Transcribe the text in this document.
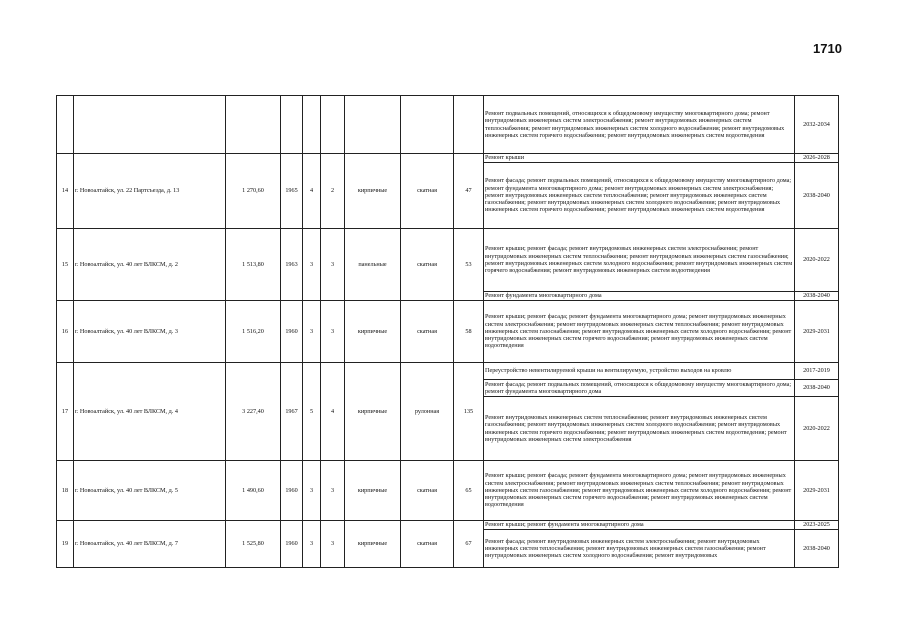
1710
									Ремонт подвальных помещений, относящихся к общедомовому имуществу многоквартирного дома; ремонт внутридомовых инженерных систем электроснабжения; ремонт внутридомовых инженерных систем теплоснабжения; ремонт внутридомовых инженерных систем холодного водоснабжения; ремонт внутридомовых инженерных систем горячего водоснабжения; ремонт внутридомовых инженерных систем водоотведения	2032-2034
14	г. Новоалтайск, ул. 22 Партсъезда, д. 13	1 270,60	1965	4	2	кирпичные	скатная	47	Ремонт крыши	2026-2028
									Ремонт фасада; ремонт подвальных помещений, относящихся к общедомовому имуществу многоквартирного дома; ремонт фундамента многоквартирного дома; ремонт внутридомовых инженерных систем электроснабжения; ремонт внутридомовых инженерных систем теплоснабжения; ремонт внутридомовых инженерных систем газоснабжения; ремонт внутридомовых инженерных систем холодного водоснабжения; ремонт внутридомовых инженерных систем горячего водоснабжения; ремонт внутридомовых инженерных систем водоотведения	2038-2040
15	г. Новоалтайск, ул. 40 лет ВЛКСМ, д. 2	1 513,80	1963	3	3	панельные	скатная	53	Ремонт крыши; ремонт фасада; ремонт внутридомовых инженерных систем электроснабжения; ремонт внутридомовых инженерных систем теплоснабжения; ремонт внутридомовых инженерных систем газоснабжения; ремонт внутридомовых инженерных систем холодного водоснабжения; ремонт внутридомовых инженерных систем горячего водоснабжения; ремонт внутридомовых инженерных систем водоотведения	2020-2022
									Ремонт фундамента многоквартирного дома	2038-2040
16	г. Новоалтайск, ул. 40 лет ВЛКСМ, д. 3	1 516,20	1960	3	3	кирпичные	скатная	58	Ремонт крыши; ремонт фасада; ремонт фундамента многоквартирного дома; ремонт внутридомовых инженерных систем электроснабжения; ремонт внутридомовых инженерных систем теплоснабжения; ремонт внутридомовых инженерных систем газоснабжения; ремонт внутридомовых инженерных систем холодного водоснабжения; ремонт внутридомовых инженерных систем горячего водоснабжения; ремонт внутридомовых инженерных систем водоотведения	2029-2031
17	г. Новоалтайск, ул. 40 лет ВЛКСМ, д. 4	3 227,40	1967	5	4	кирпичные	рулонная	135	Переустройство невентилируемой крыши на вентилируемую, устройство выходов на кровлю	2017-2019
									Ремонт фасада; ремонт подвальных помещений, относящихся к общедомовому имуществу многоквартирного дома; ремонт фундамента многоквартирного дома	2038-2040
									Ремонт внутридомовых инженерных систем теплоснабжения; ремонт внутридомовых инженерных систем газоснабжения; ремонт внутридомовых инженерных систем холодного водоснабжения; ремонт внутридомовых инженерных систем горячего водоснабжения; ремонт внутридомовых инженерных систем водоотведения; ремонт внутридомовых инженерных систем электроснабжения	2020-2022
18	г. Новоалтайск, ул. 40 лет ВЛКСМ, д. 5	1 490,60	1960	3	3	кирпичные	скатная	65	Ремонт крыши; ремонт фасада; ремонт фундамента многоквартирного дома; ремонт внутридомовых инженерных систем электроснабжения; ремонт внутридомовых инженерных систем теплоснабжения; ремонт внутридомовых инженерных систем газоснабжения; ремонт внутридомовых инженерных систем холодного водоснабжения; ремонт внутридомовых инженерных систем горячего водоснабжения; ремонт внутридомовых инженерных систем водоотведения	2029-2031
19	г. Новоалтайск, ул. 40 лет ВЛКСМ, д. 7	1 525,80	1960	3	3	кирпичные	скатная	67	Ремонт крыши; ремонт фундамента многоквартирного дома	2023-2025
									Ремонт фасада; ремонт внутридомовых инженерных систем электроснабжения; ремонт внутридомовых инженерных систем теплоснабжения; ремонт внутридомовых инженерных систем газоснабжения; ремонт внутридомовых инженерных систем холодного водоснабжения; ремонт внутридомовых	2038-2040
